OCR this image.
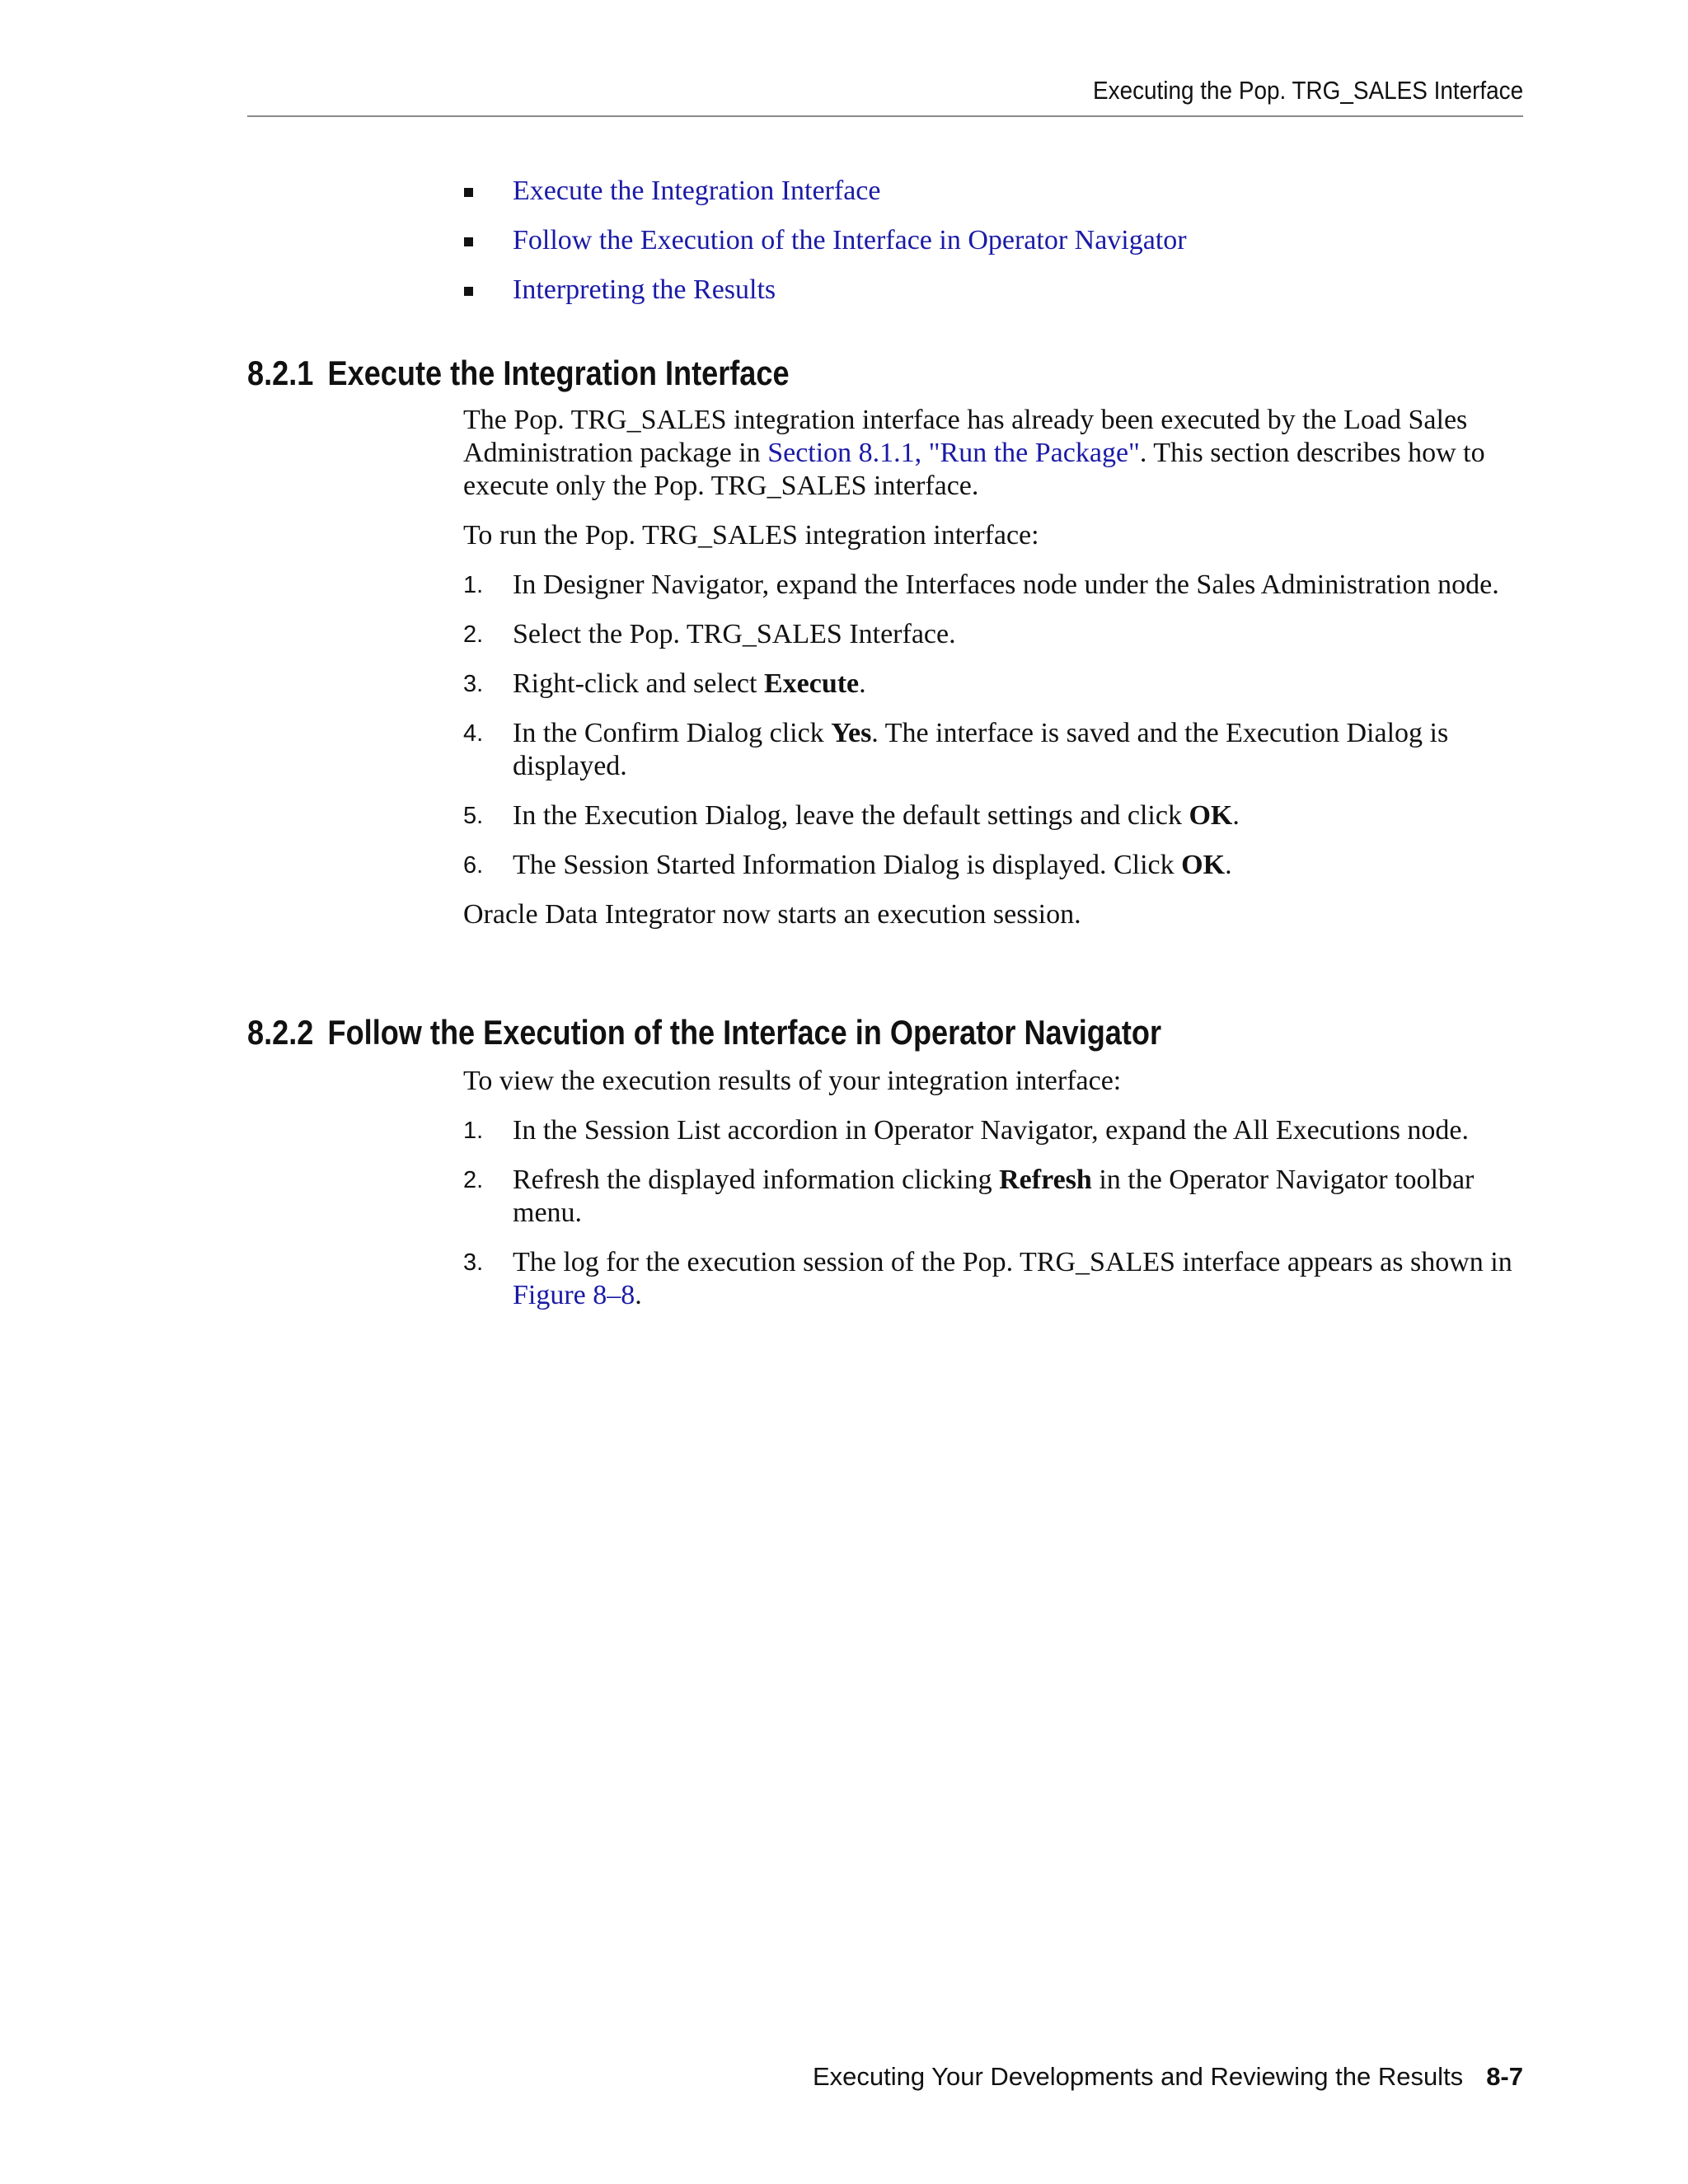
Executing the Pop. TRG_SALES Interface
Execute the Integration Interface
Follow the Execution of the Interface in Operator Navigator
Interpreting the Results
8.2.1 Execute the Integration Interface

The Pop. TRG_SALES integration interface has already been executed by the Load Sales Administration package in Section 8.1.1, "Run the Package". This section describes how to execute only the Pop. TRG_SALES interface.

To run the Pop. TRG_SALES integration interface:

1. In Designer Navigator, expand the Interfaces node under the Sales Administration node.
2. Select the Pop. TRG_SALES Interface.
3. Right-click and select Execute.
4. In the Confirm Dialog click Yes. The interface is saved and the Execution Dialog is displayed.
5. In the Execution Dialog, leave the default settings and click OK.
6. The Session Started Information Dialog is displayed. Click OK.

Oracle Data Integrator now starts an execution session.

8.2.2 Follow the Execution of the Interface in Operator Navigator

To view the execution results of your integration interface:

1. In the Session List accordion in Operator Navigator, expand the All Executions node.
2. Refresh the displayed information clicking Refresh in the Operator Navigator toolbar menu.
3. The log for the execution session of the Pop. TRG_SALES interface appears as shown in Figure 8–8.
Executing Your Developments and Reviewing the Results 8-7
